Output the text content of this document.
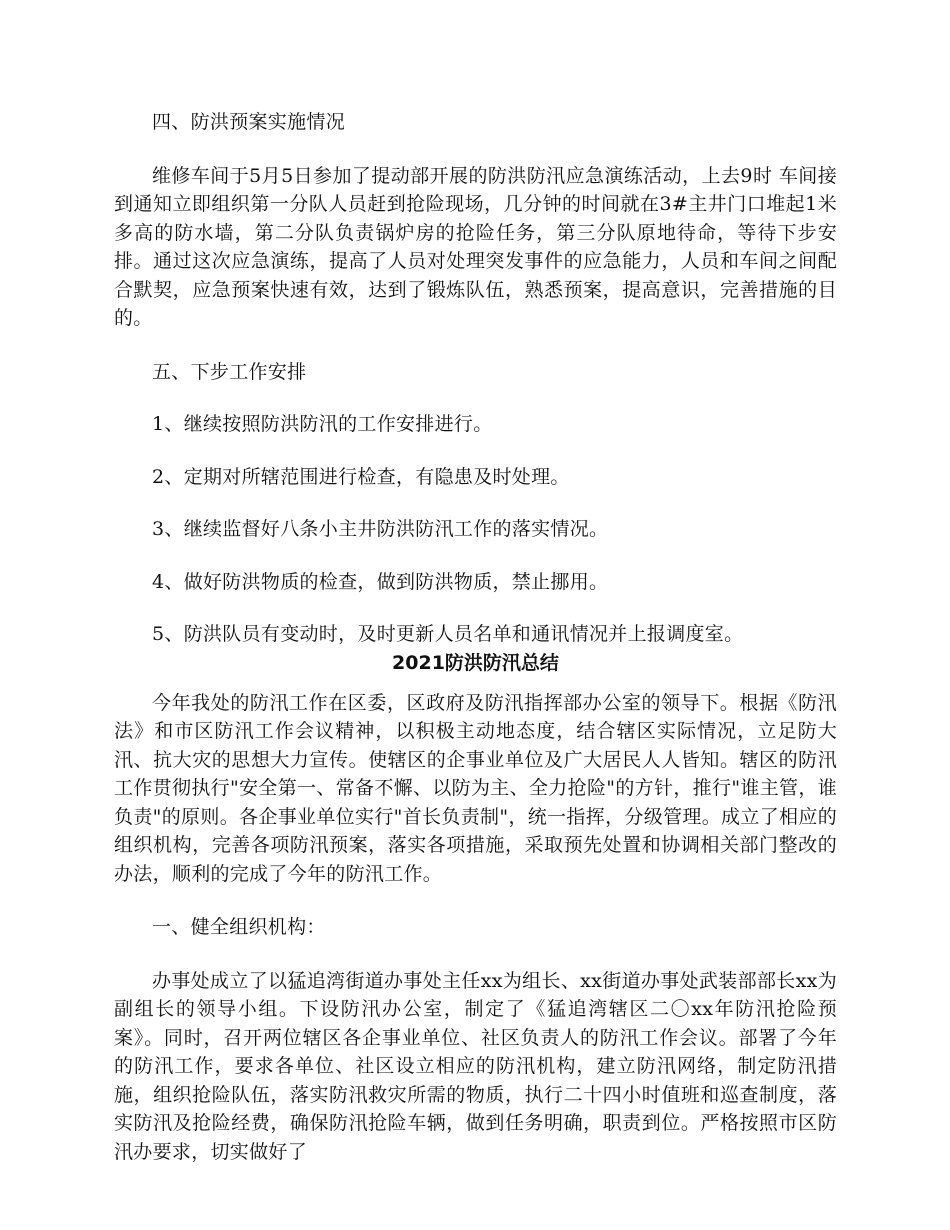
四、防洪预案实施情况

维修车间于5月5日参加了提动部开展的防洪防汛应急演练活动，上去9时 车间接到通知立即组织第一分队人员赶到抢险现场，几分钟的时间就在3#主井门口堆起1米多高的防水墙，第二分队负责锅炉房的抢险任务，第三分队原地待命，等待下步安排。通过这次应急演练，提高了人员对处理突发事件的应急能力，人员和车间之间配合默契，应急预案快速有效，达到了锻炼队伍，熟悉预案，提高意识，完善措施的目的。

五、下步工作安排

1、继续按照防洪防汛的工作安排进行。

2、定期对所辖范围进行检查，有隐患及时处理。

3、继续监督好八条小主井防洪防汛工作的落实情况。

4、做好防洪物质的检查，做到防洪物质，禁止挪用。

5、防洪队员有变动时，及时更新人员名单和通讯情况并上报调度室。

2021防洪防汛总结

今年我处的防汛工作在区委，区政府及防汛指挥部办公室的领导下。根据《防汛法》和市区防汛工作会议精神，以积极主动地态度，结合辖区实际情况，立足防大汛、抗大灾的思想大力宣传。使辖区的企事业单位及广大居民人人皆知。辖区的防汛工作贯彻执行"安全第一、常备不懈、以防为主、全力抢险"的方针，推行"谁主管，谁负责"的原则。各企事业单位实行"首长负责制"，统一指挥，分级管理。成立了相应的组织机构，完善各项防汛预案，落实各项措施，采取预先处置和协调相关部门整改的办法，顺利的完成了今年的防汛工作。

一、健全组织机构：

办事处成立了以猛追湾街道办事处主任xx为组长、xx街道办事处武装部部长xx为副组长的领导小组。下设防汛办公室，制定了《猛追湾辖区二〇xx年防汛抢险预案》。同时，召开两位辖区各企事业单位、社区负责人的防汛工作会议。部署了今年的防汛工作，要求各单位、社区设立相应的防汛机构，建立防汛网络，制定防汛措施，组织抢险队伍，落实防汛救灾所需的物质，执行二十四小时值班和巡查制度，落实防汛及抢险经费，确保防汛抢险车辆，做到任务明确，职责到位。严格按照市区防汛办要求，切实做好了
